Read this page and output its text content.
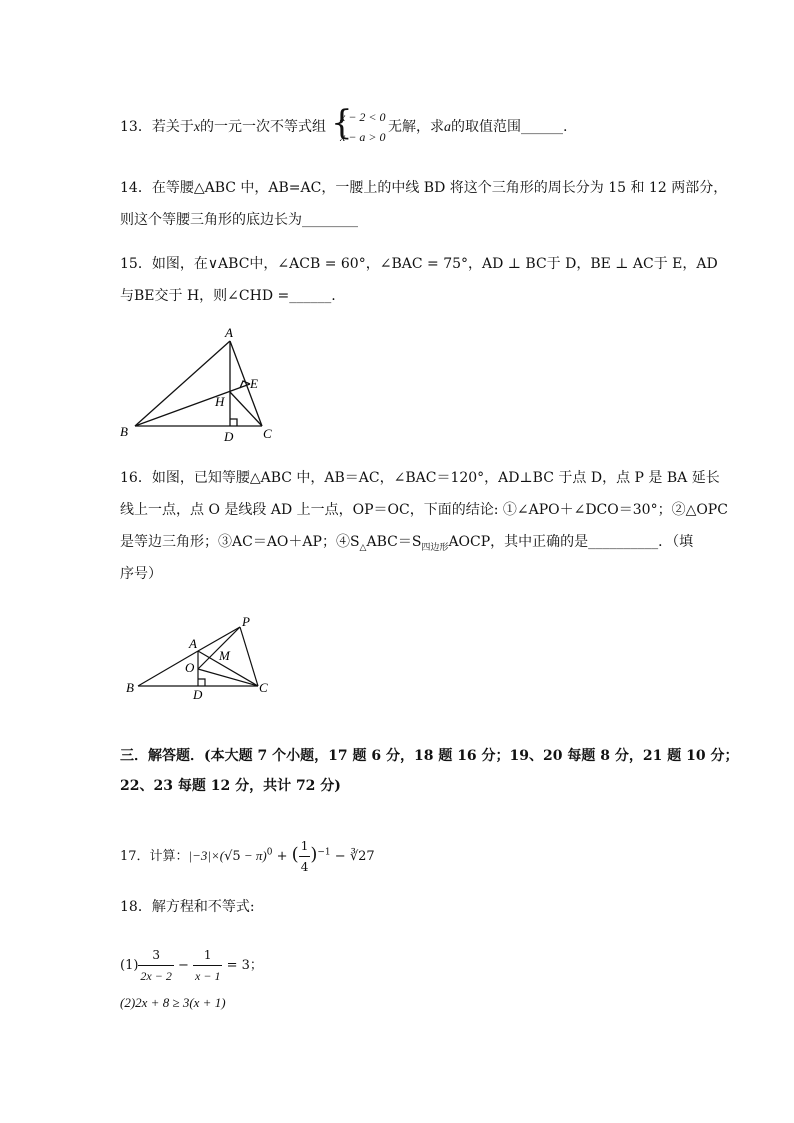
13．若关于x的一元一次不等式组 {
x − 2 < 0
x − a > 0
无解，求a的取值范围______.
14．在等腰△ABC 中，AB=AC，一腰上的中线 BD 将这个三角形的周长分为 15 和 12 两部分，
则这个等腰三角形的底边长为________
15．如图，在∨ABC中，∠ACB = 60°，∠BAC = 75°，AD ⊥ BC于 D，BE ⊥ AC于 E，AD
与BE交于 H，则∠CHD =______.
A
E
H
B	D C
16．如图，已知等腰△ABC 中，AB＝AC，∠BAC＝120°，AD⊥BC 于点 D，点 P 是 BA 延长
线上一点，点 O 是线段 AD 上一点，OP＝OC，下面的结论: ①∠APO＋∠DCO＝30°；②△OPC
是等边三角形；③AC＝AO＋AP；$④S_\triangle ABC=S_{四边形}AOCP$，其中正确的是__________．（填
序号）
P
A
M
O
B	D	C
三．解答题．(本大题 7 个小题，17 题 6 分，18 题 16 分；19、20 每题 8 分，21 题 10 分；
22、23 每题 12 分，共计 72 分)
17．计算：$|-3|\times(√5 - \pi)^0$ + ( $\frac{1}{4} )^{-1}$ − ∛27
18．解方程和不等式:
$(1) \frac{3}{2x - 2} - \frac{1}{x - 1} = 3$；
(2)2x + 8 ≥ 3(x + 1)
